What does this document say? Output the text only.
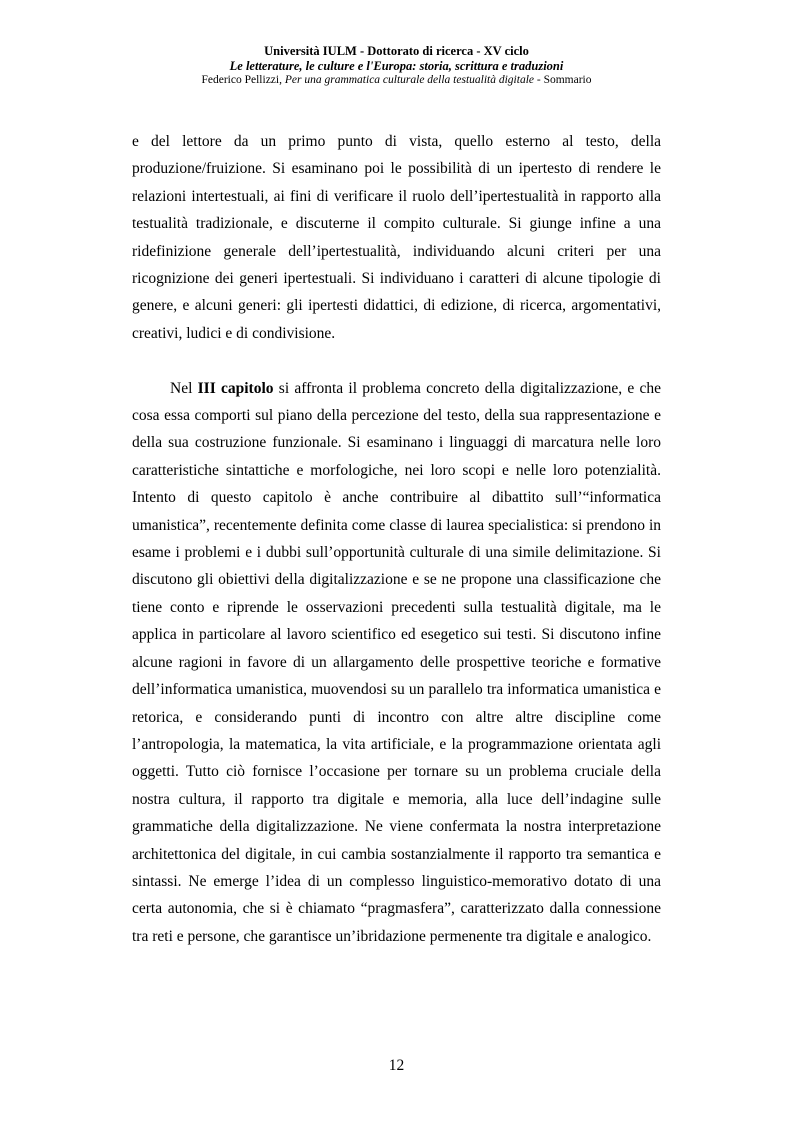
Università IULM - Dottorato di ricerca - XV ciclo
Le letterature, le culture e l'Europa: storia, scrittura e traduzioni
Federico Pellizzi, Per una grammatica culturale della testualità digitale - Sommario

e del lettore da un primo punto di vista, quello esterno al testo, della produzione/fruizione. Si esaminano poi le possibilità di un ipertesto di rendere le relazioni intertestuali, ai fini di verificare il ruolo dell’ipertestualità in rapporto alla testualità tradizionale, e discuterne il compito culturale. Si giunge infine a una ridefinizione generale dell’ipertestualità, individuando alcuni criteri per una ricognizione dei generi ipertestuali. Si individuano i caratteri di alcune tipologie di genere, e alcuni generi: gli ipertesti didattici, di edizione, di ricerca, argomentativi, creativi, ludici e di condivisione.

Nel III capitolo si affronta il problema concreto della digitalizzazione, e che cosa essa comporti sul piano della percezione del testo, della sua rappresentazione e della sua costruzione funzionale. Si esaminano i linguaggi di marcatura nelle loro caratteristiche sintattiche e morfologiche, nei loro scopi e nelle loro potenzialità. Intento di questo capitolo è anche contribuire al dibattito sull’“informatica umanistica”, recentemente definita come classe di laurea specialistica: si prendono in esame i problemi e i dubbi sull’opportunità culturale di una simile delimitazione. Si discutono gli obiettivi della digitalizzazione e se ne propone una classificazione che tiene conto e riprende le osservazioni precedenti sulla testualità digitale, ma le applica in particolare al lavoro scientifico ed esegetico sui testi. Si discutono infine alcune ragioni in favore di un allargamento delle prospettive teoriche e formative dell’informatica umanistica, muovendosi su un parallelo tra informatica umanistica e retorica, e considerando punti di incontro con altre altre discipline come l’antropologia, la matematica, la vita artificiale, e la programmazione orientata agli oggetti. Tutto ciò fornisce l’occasione per tornare su un problema cruciale della nostra cultura, il rapporto tra digitale e memoria, alla luce dell’indagine sulle grammatiche della digitalizzazione. Ne viene confermata la nostra interpretazione architettonica del digitale, in cui cambia sostanzialmente il rapporto tra semantica e sintassi. Ne emerge l’idea di un complesso linguistico-memorativo dotato di una certa autonomia, che si è chiamato “pragmasfera”, caratterizzato dalla connessione tra reti e persone, che garantisce un’ibridazione permenente tra digitale e analogico.

12
